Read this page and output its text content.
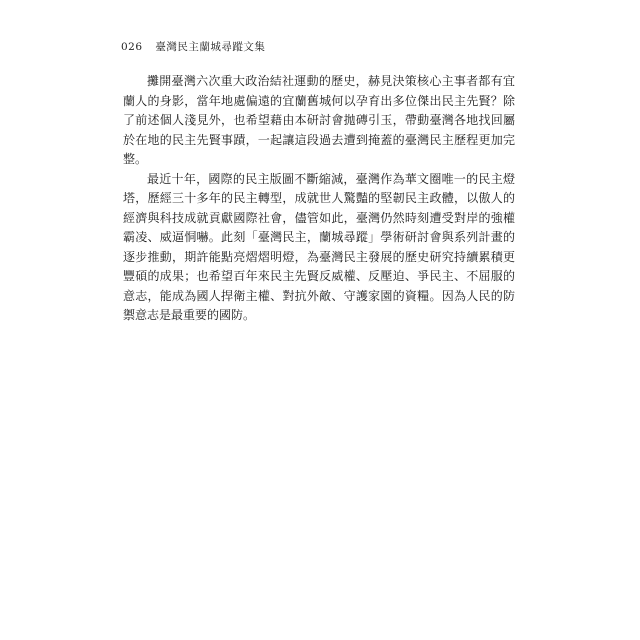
026 臺灣民主蘭城尋蹤文集

攤開臺灣六次重大政治結社運動的歷史，赫見決策核心主事者都有宜蘭人的身影，當年地處偏遠的宜蘭舊城何以孕育出多位傑出民主先賢？除了前述個人淺見外，也希望藉由本研討會拋磚引玉，帶動臺灣各地找回屬於在地的民主先賢事蹟，一起讓這段過去遭到掩蓋的臺灣民主歷程更加完整。

最近十年，國際的民主版圖不斷縮減，臺灣作為華文圈唯一的民主燈塔，歷經三十多年的民主轉型，成就世人驚豔的堅韌民主政體，以傲人的經濟與科技成就貢獻國際社會，儘管如此，臺灣仍然時刻遭受對岸的強權霸凌、威逼恫嚇。此刻「臺灣民主，蘭城尋蹤」學術研討會與系列計畫的逐步推動，期許能點亮熠熠明燈，為臺灣民主發展的歷史研究持續累積更豐碩的成果；也希望百年來民主先賢反威權、反壓迫、爭民主、不屈服的意志，能成為國人捍衛主權、對抗外敵、守護家園的資糧。因為人民的防禦意志是最重要的國防。
